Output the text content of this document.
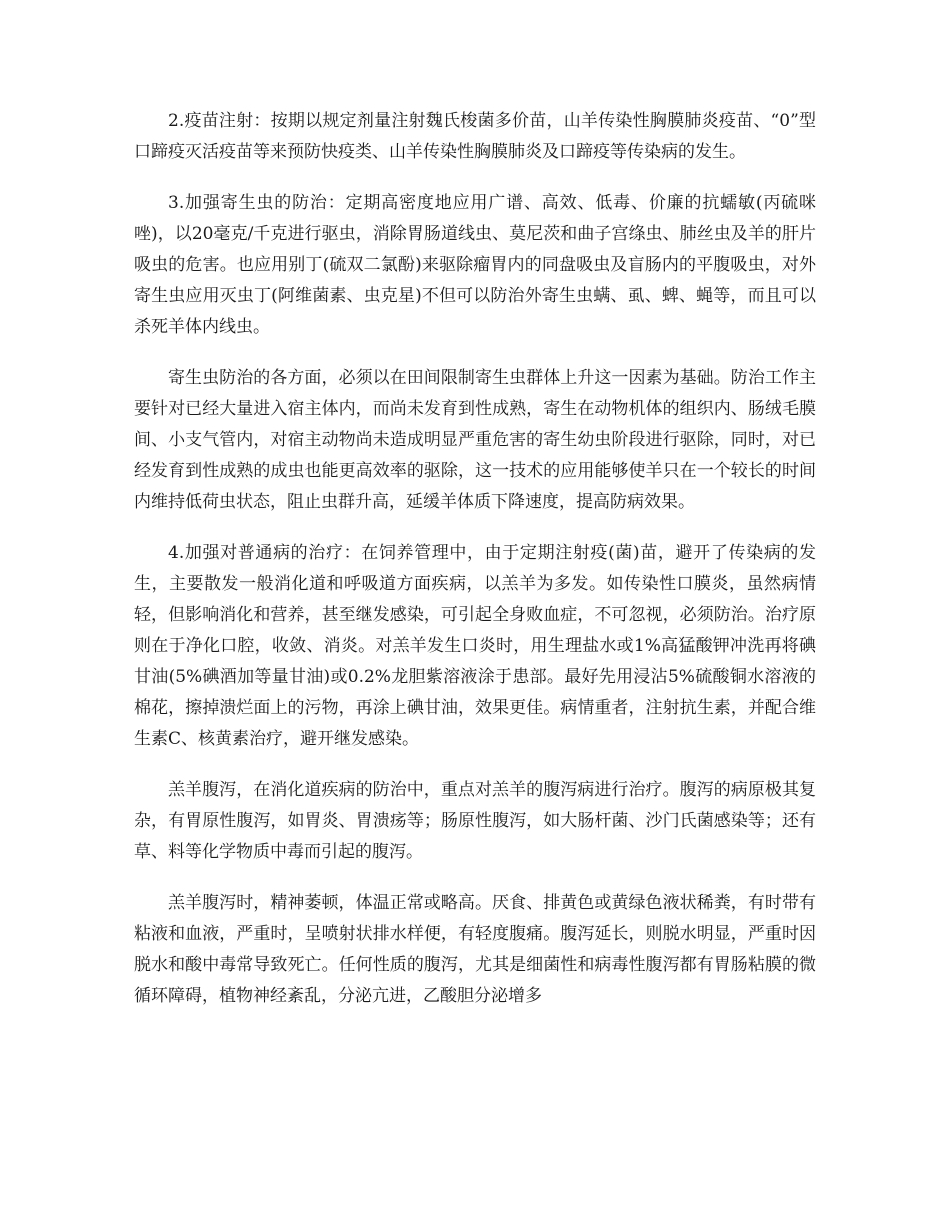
2.疫苗注射：按期以规定剂量注射魏氏梭菌多价苗，山羊传染性胸膜肺炎疫苗、“0”型口蹄疫灭活疫苗等来预防快疫类、山羊传染性胸膜肺炎及口蹄疫等传染病的发生。

3.加强寄生虫的防治：定期高密度地应用广谱、高效、低毒、价廉的抗蠕敏(丙硫咪唑)，以20毫克/千克进行驱虫，消除胃肠道线虫、莫尼茨和曲子宫绦虫、肺丝虫及羊的肝片吸虫的危害。也应用别丁(硫双二氯酚)来驱除瘤胃内的同盘吸虫及盲肠内的平腹吸虫，对外寄生虫应用灭虫丁(阿维菌素、虫克星)不但可以防治外寄生虫螨、虱、蜱、蝇等，而且可以杀死羊体内线虫。

寄生虫防治的各方面，必须以在田间限制寄生虫群体上升这一因素为基础。防治工作主要针对已经大量进入宿主体内，而尚未发育到性成熟，寄生在动物机体的组织内、肠绒毛膜间、小支气管内，对宿主动物尚未造成明显严重危害的寄生幼虫阶段进行驱除，同时，对已经发育到性成熟的成虫也能更高效率的驱除，这一技术的应用能够使羊只在一个较长的时间内维持低荷虫状态，阻止虫群升高，延缓羊体质下降速度，提高防病效果。

4.加强对普通病的治疗：在饲养管理中，由于定期注射疫(菌)苗，避开了传染病的发生，主要散发一般消化道和呼吸道方面疾病，以羔羊为多发。如传染性口膜炎，虽然病情轻，但影响消化和营养，甚至继发感染，可引起全身败血症，不可忽视，必须防治。治疗原则在于净化口腔，收敛、消炎。对羔羊发生口炎时，用生理盐水或1%高猛酸钾冲洗再将碘甘油(5%碘酒加等量甘油)或0.2%龙胆紫溶液涂于患部。最好先用浸沾5%硫酸铜水溶液的棉花，擦掉溃烂面上的污物，再涂上碘甘油，效果更佳。病情重者，注射抗生素，并配合维生素C、核黄素治疗，避开继发感染。

羔羊腹泻，在消化道疾病的防治中，重点对羔羊的腹泻病进行治疗。腹泻的病原极其复杂，有胃原性腹泻，如胃炎、胃溃疡等；肠原性腹泻，如大肠杆菌、沙门氏菌感染等；还有草、料等化学物质中毒而引起的腹泻。

羔羊腹泻时，精神萎顿，体温正常或略高。厌食、排黄色或黄绿色液状稀粪，有时带有粘液和血液，严重时，呈喷射状排水样便，有轻度腹痛。腹泻延长，则脱水明显，严重时因脱水和酸中毒常导致死亡。任何性质的腹泻，尤其是细菌性和病毒性腹泻都有胃肠粘膜的微循环障碍，植物神经紊乱，分泌亢进，乙酸胆分泌增多
